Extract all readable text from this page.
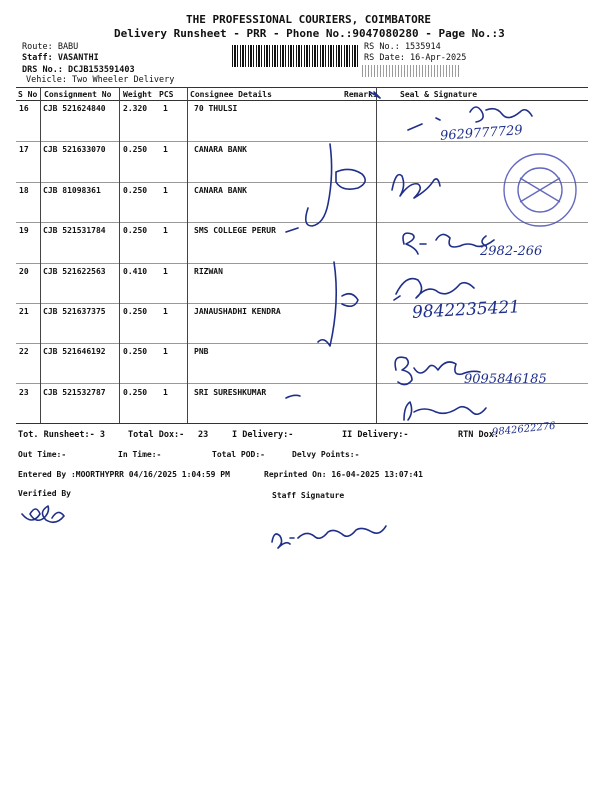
THE PROFESSIONAL COURIERS, COIMBATORE
Delivery Runsheet - PRR - Phone No.:9047080280 - Page No.:3
Route: BABU
Staff: VASANTHI
DRS No.: DCJB153591403
Vehicle: Two Wheeler Delivery
RS No.: 1535914
RS Date: 16-Apr-2025
S No Consignment No Weight PCS Consignee Details	Remarks	Seal & Signature
16 CJB 521624840 2.320 1	70 THULSI
17 CJB 521633070 0.250 1	CANARA BANK
18 CJB 81098361	0.250 1	CANARA BANK
19 CJB 521531784 0.250 1	SMS COLLEGE PERUR
20 CJB 521622563 0.410 1	RIZWAN
21 CJB 521637375 0.250 1	JANAUSHADHI KENDRA
22 CJB 521646192 0.250 1	PNB
23 CJB 521532787 0.250 1	SRI SURESHKUMAR
9629777729
2982-266
9842235421
9095846185
9842622276
Tot. Runsheet:- 3	Total Dox:- 23	I Delivery:-	II Delivery:-	RTN Dox:
Out Time:-	In Time:-	Total POD:-	Delvy Points:-
Entered By :MOORTHYPRR 04/16/2025 1:04:59 PM	Reprinted On: 16-04-2025 13:07:41
Verified By	Staff Signature
